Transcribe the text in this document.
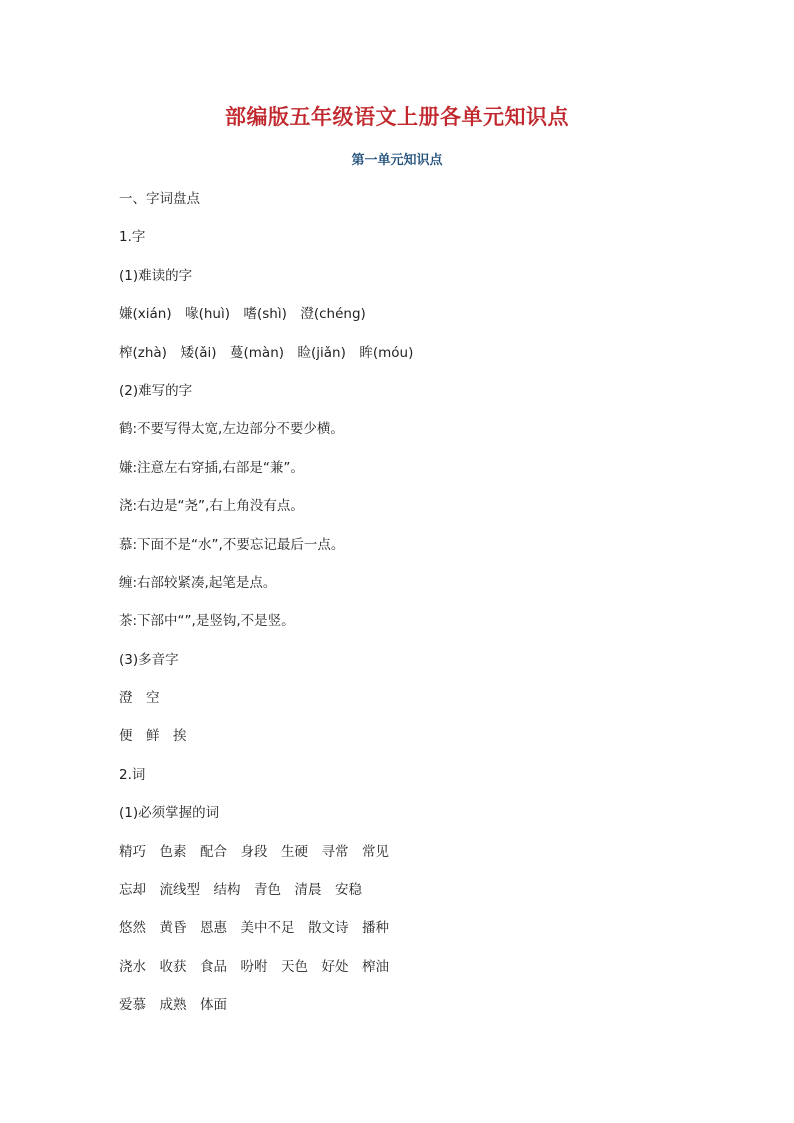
部编版五年级语文上册各单元知识点
第一单元知识点
一、字词盘点
1.字
(1)难读的字
嫌(xián)　喙(huì)　嗜(shì)　澄(chéng)
榨(zhà)　矮(ǎi)　蔓(màn)　睑(jiǎn)　眸(móu)
(2)难写的字
鹤:不要写得太宽,左边部分不要少横。
嫌:注意左右穿插,右部是“兼”。
浇:右边是“尧”,右上角没有点。
慕:下面不是“水”,不要忘记最后一点。
缠:右部较紧凑,起笔是点。
茶:下部中“”,是竖钩,不是竖。
(3)多音字
澄　空
便　鲜　挨
2.词
(1)必须掌握的词
精巧　色素　配合　身段　生硬　寻常　常见
忘却　流线型　结构　青色　清晨　安稳
悠然　黄昏　恩惠　美中不足　散文诗　播种
浇水　收获　食品　吩咐　天色　好处　榨油
爱慕　成熟　体面
